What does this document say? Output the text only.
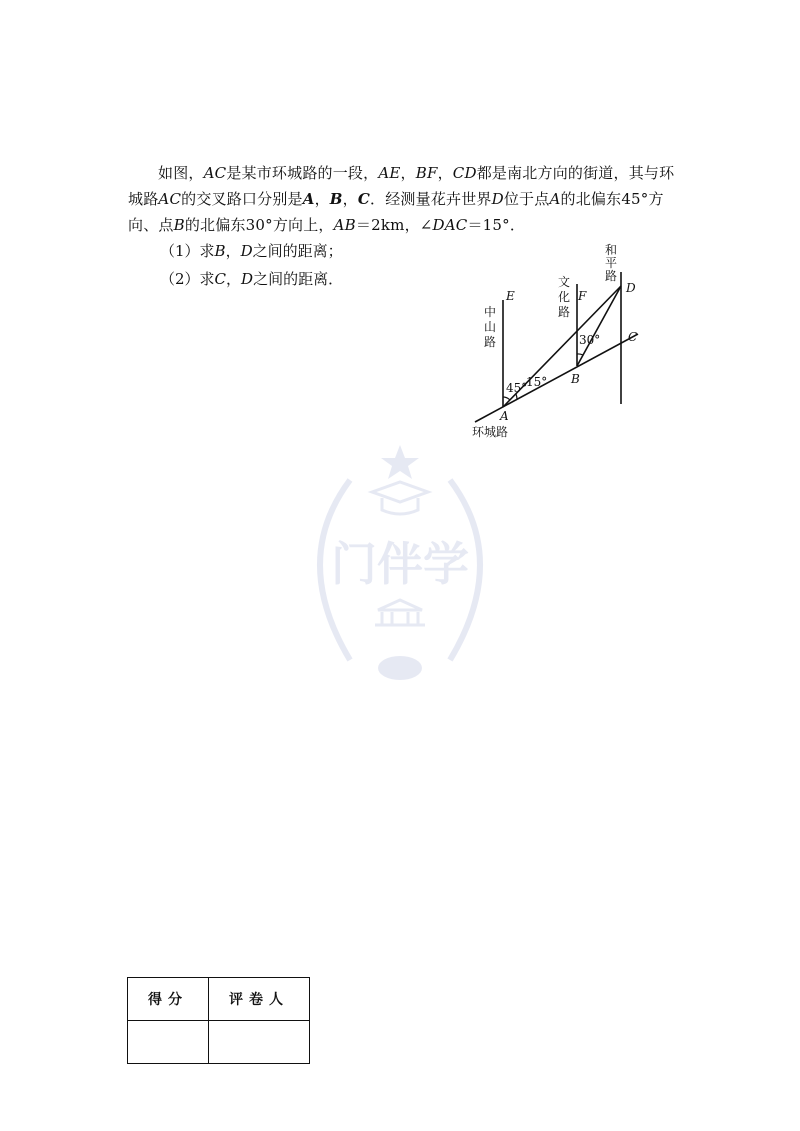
如图，AC是某市环城路的一段，AE，BF，CD都是南北方向的街道，其与环城路AC的交叉路口分别是A，B，C．经测量花卉世界D位于点A的北偏东45°方向、点B的北偏东30°方向上，AB＝2km，∠DAC＝15°．

（1）求B，D之间的距离；
（2）求C，D之间的距离．
E	F
D
C
B
A
中
山
路
文
化
路
和
平
路
环城路
45°
15°
30°
门伴学
得分	评卷人
